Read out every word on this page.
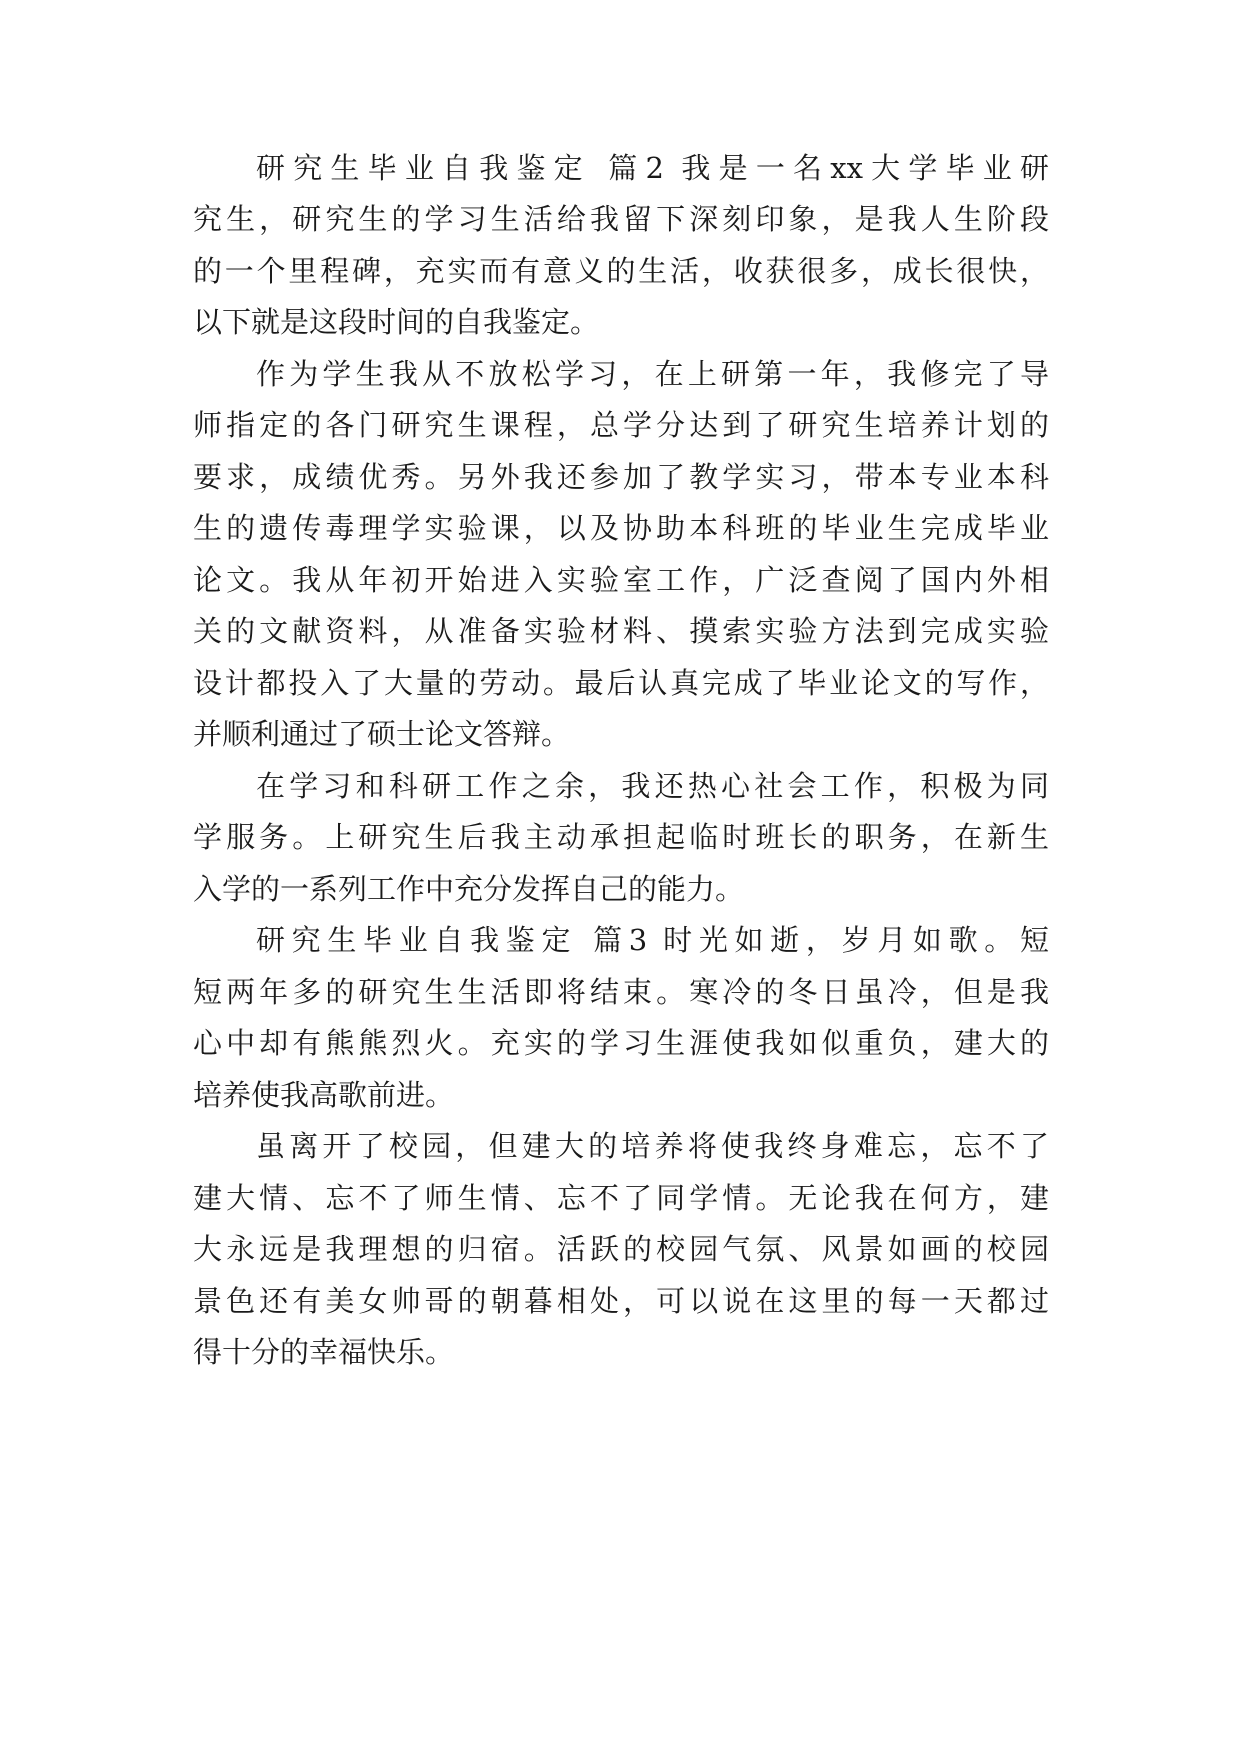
研究生毕业自我鉴定 篇2 我是一名xx大学毕业研
究生，研究生的学习生活给我留下深刻印象，是我人生阶段
的一个里程碑，充实而有意义的生活，收获很多，成长很快，
以下就是这段时间的自我鉴定。
作为学生我从不放松学习，在上研第一年，我修完了导
师指定的各门研究生课程，总学分达到了研究生培养计划的
要求，成绩优秀。另外我还参加了教学实习，带本专业本科
生的遗传毒理学实验课，以及协助本科班的毕业生完成毕业
论文。我从年初开始进入实验室工作，广泛查阅了国内外相
关的文献资料，从准备实验材料、摸索实验方法到完成实验
设计都投入了大量的劳动。最后认真完成了毕业论文的写作，
并顺利通过了硕士论文答辩。
在学习和科研工作之余，我还热心社会工作，积极为同
学服务。上研究生后我主动承担起临时班长的职务，在新生
入学的一系列工作中充分发挥自己的能力。
研究生毕业自我鉴定 篇3 时光如逝，岁月如歌。短
短两年多的研究生生活即将结束。寒冷的冬日虽冷，但是我
心中却有熊熊烈火。充实的学习生涯使我如似重负，建大的
培养使我高歌前进。
虽离开了校园，但建大的培养将使我终身难忘，忘不了
建大情、忘不了师生情、忘不了同学情。无论我在何方，建
大永远是我理想的归宿。活跃的校园气氛、风景如画的校园
景色还有美女帅哥的朝暮相处，可以说在这里的每一天都过
得十分的幸福快乐。
